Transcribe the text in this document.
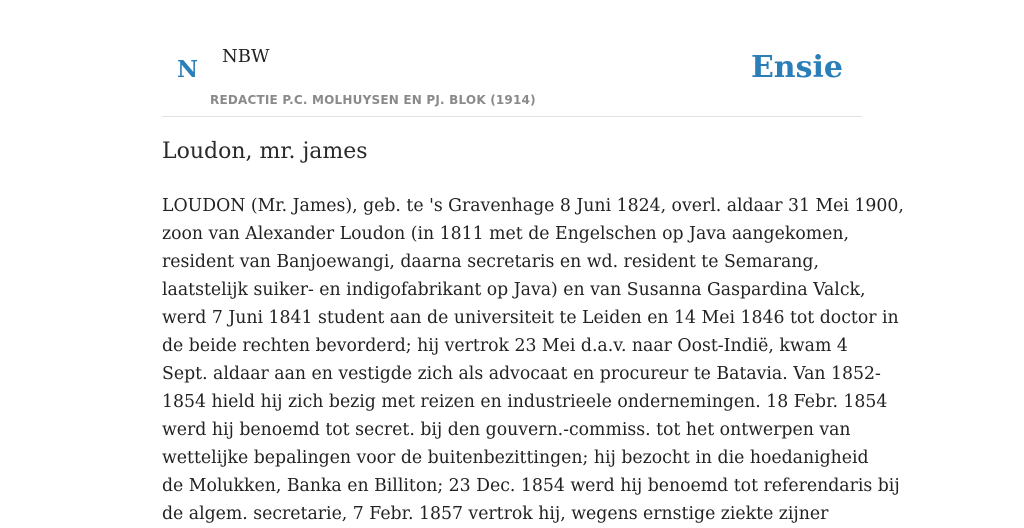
N NBW
REDACTIE P.C. MOLHUYSEN EN PJ. BLOK (1914)
Ensie
Loudon, mr. james
LOUDON (Mr. James), geb. te 's Gravenhage 8 Juni 1824, overl. aldaar 31 Mei 1900,
zoon van Alexander Loudon (in 1811 met de Engelschen op Java aangekomen,
resident van Banjoewangi, daarna secretaris en wd. resident te Semarang,
laatstelijk suiker- en indigofabrikant op Java) en van Susanna Gaspardina Valck,
werd 7 Juni 1841 student aan de universiteit te Leiden en 14 Mei 1846 tot doctor in
de beide rechten bevorderd; hij vertrok 23 Mei d.a.v. naar Oost-Indië, kwam 4
Sept. aldaar aan en vestigde zich als advocaat en procureur te Batavia. Van 1852-
1854 hield hij zich bezig met reizen en industrieele ondernemingen. 18 Febr. 1854
werd hij benoemd tot secret. bij den gouvern.-commiss. tot het ontwerpen van
wettelijke bepalingen voor de buitenbezittingen; hij bezocht in die hoedanigheid
de Molukken, Banka en Billiton; 23 Dec. 1854 werd hij benoemd tot referendaris bij
de algem. secretarie, 7 Febr. 1857 vertrok hij, wegens ernstige ziekte zijner
